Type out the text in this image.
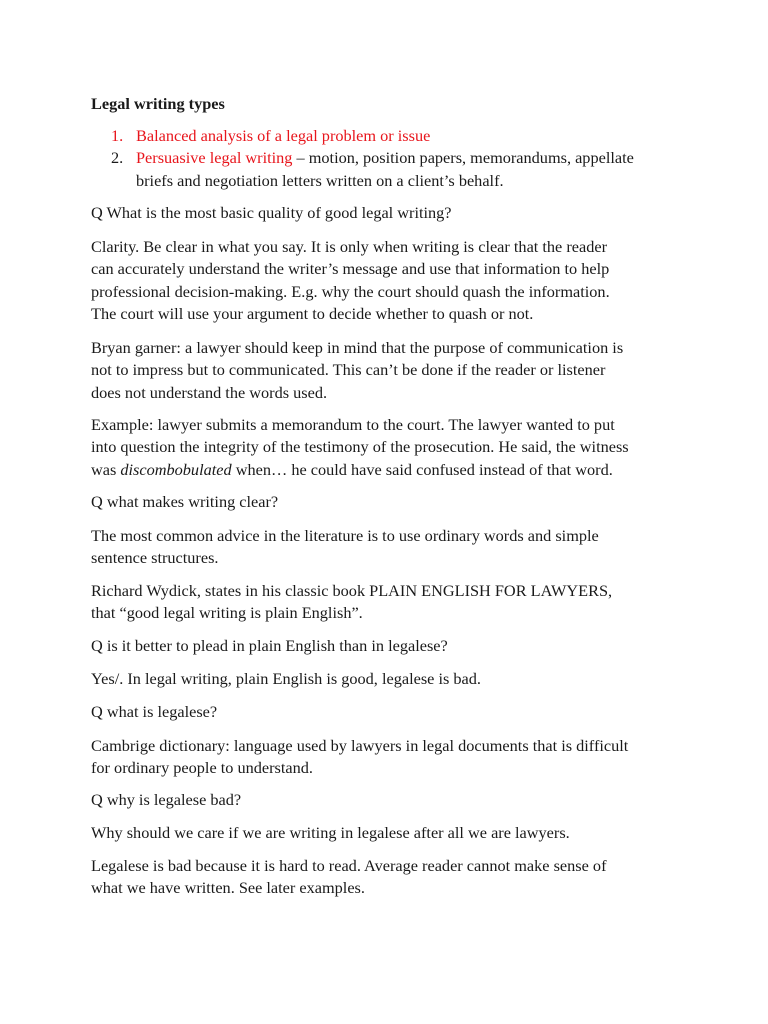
Legal writing types
1. Balanced analysis of a legal problem or issue
2. Persuasive legal writing – motion, position papers, memorandums, appellate
briefs and negotiation letters written on a client’s behalf.
Q What is the most basic quality of good legal writing?
Clarity. Be clear in what you say. It is only when writing is clear that the reader
can accurately understand the writer’s message and use that information to help
professional decision-making. E.g. why the court should quash the information.
The court will use your argument to decide whether to quash or not.
Bryan garner: a lawyer should keep in mind that the purpose of communication is
not to impress but to communicated. This can’t be done if the reader or listener
does not understand the words used.
Example: lawyer submits a memorandum to the court. The lawyer wanted to put
into question the integrity of the testimony of the prosecution. He said, the witness
was discombobulated when… he could have said confused instead of that word.
Q what makes writing clear?
The most common advice in the literature is to use ordinary words and simple
sentence structures.
Richard Wydick, states in his classic book PLAIN ENGLISH FOR LAWYERS,
that “good legal writing is plain English”.
Q is it better to plead in plain English than in legalese?
Yes/. In legal writing, plain English is good, legalese is bad.
Q what is legalese?
Cambrige dictionary: language used by lawyers in legal documents that is difficult
for ordinary people to understand.
Q why is legalese bad?
Why should we care if we are writing in legalese after all we are lawyers.
Legalese is bad because it is hard to read. Average reader cannot make sense of
what we have written. See later examples.
